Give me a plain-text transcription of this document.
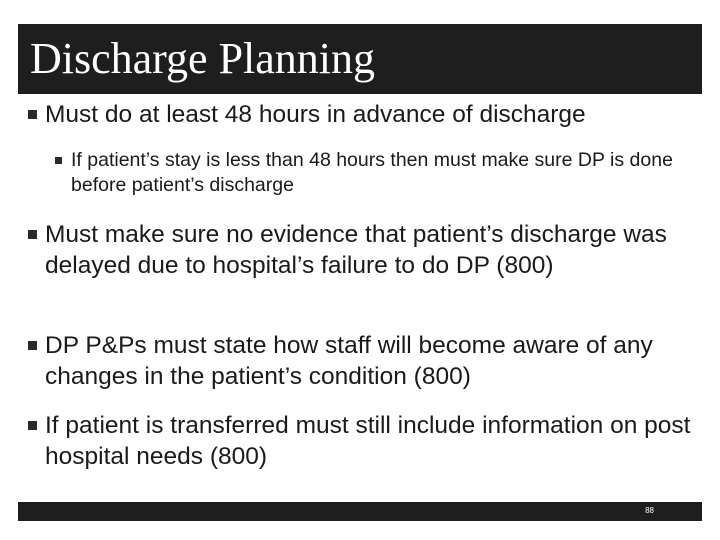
Discharge Planning
Must do at least 48 hours in advance of discharge
If patient’s stay is less than 48 hours then must make sure DP is done before patient’s discharge
Must make sure no evidence that patient’s discharge was delayed due to hospital’s failure to do DP (800)
DP P&Ps must state how staff will become aware of any changes in the patient’s condition (800)
If patient is transferred must still include information on post hospital needs (800)
88
